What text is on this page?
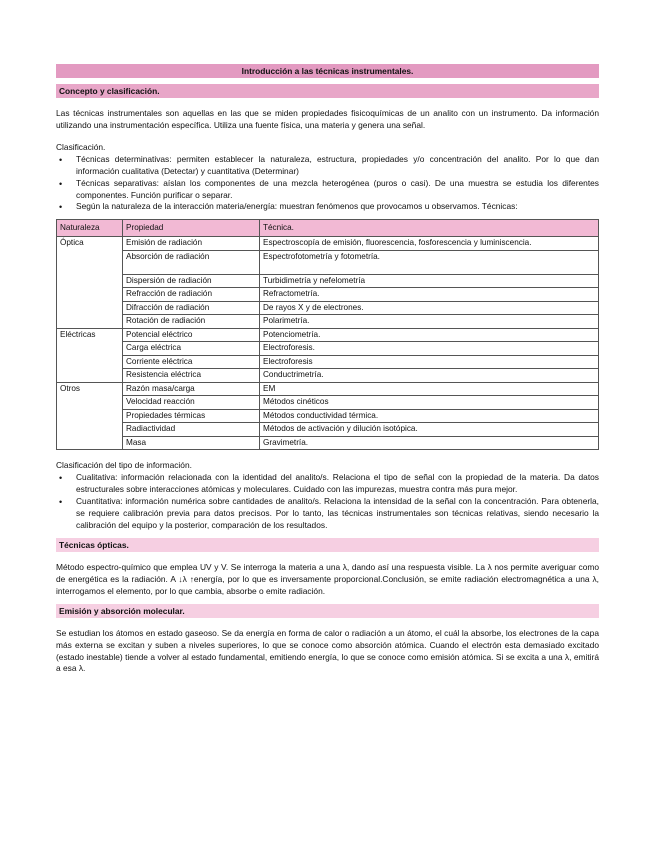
Introducción a las técnicas instrumentales.
Concepto y clasificación.

Las técnicas instrumentales son aquellas en las que se miden propiedades fisicoquímicas de un analito con un instrumento. Da información utilizando una instrumentación específica. Utiliza una fuente física, una materia y genera una señal.

Clasificación.

• Técnicas determinativas: permiten establecer la naturaleza, estructura, propiedades y/o concentración del analito. Por lo que dan información cualitativa (Detectar) y cuantitativa (Determinar)
• Técnicas separativas: aíslan los componentes de una mezcla heterogénea (puros o casi). De una muestra se estudia los diferentes componentes. Función purificar o separar.
• Según la naturaleza de la interacción materia/energía: muestran fenómenos que provocamos u observamos. Técnicas:
Naturaleza	Propiedad	Técnica.
Óptica	Emisión de radiación	Espectroscopía de emisión, fluorescencia, fosforescencia y luminiscencia.
	Absorción de radiación	Espectrofotometría y fotometría.
	Dispersión de radiación	Turbidimetría y nefelometría
	Refracción de radiación	Refractometría.
	Difracción de radiación	De rayos X y de electrones.
	Rotación de radiación	Polarimetría.
Eléctricas	Potencial eléctrico	Potenciometría.
	Carga eléctrica	Electroforesis.
	Corriente eléctrica	Electroforesis
	Resistencia eléctrica	Conductrimetría.
Otros	Razón masa/carga	EM
	Velocidad reacción	Métodos cinéticos
	Propiedades térmicas	Métodos conductividad térmica.
	Radiactividad	Métodos de activación y dilución isotópica.
	Masa	Gravimetría.

Clasificación del tipo de información.

• Cualitativa: información relacionada con la identidad del analito/s. Relaciona el tipo de señal con la propiedad de la materia. Da datos estructurales sobre interacciones atómicas y moleculares. Cuidado con las impurezas, muestra contra más pura mejor.
• Cuantitativa: información numérica sobre cantidades de analito/s. Relaciona la intensidad de la señal con la concentración. Para obtenerla, se requiere calibración previa para datos precisos. Por lo tanto, las técnicas instrumentales son técnicas relativas, siendo necesario la calibración del equipo y la posterior, comparación de los resultados.
Técnicas ópticas.

Método espectro-químico que emplea UV y V. Se interroga la materia a una λ, dando así una respuesta visible. La λ nos permite averiguar como de energética es la radiación. A ↓λ ↑energía, por lo que es inversamente proporcional.Conclusión, se emite radiación electromagnética a una λ, interrogamos el elemento, por lo que cambia, absorbe o emite radiación.

Emisión y absorción molecular.

Se estudian los átomos en estado gaseoso. Se da energía en forma de calor o radiación a un átomo, el cuál la absorbe, los electrones de la capa más externa se excitan y suben a niveles superiores, lo que se conoce como absorción atómica. Cuando el electrón esta demasiado excitado (estado inestable) tiende a volver al estado fundamental, emitiendo energía, lo que se conoce como emisión atómica. Si se excita a una λ, emitirá a esa λ.
